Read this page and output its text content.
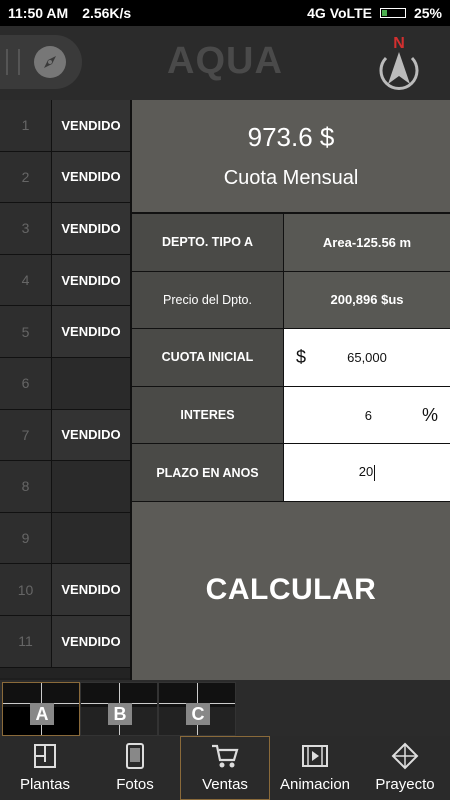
11:50 AM 2.56K/s	4G VoLTE	25%
AQUA	N
1	VENDIDO
2	VENDIDO
3	VENDIDO
4	VENDIDO
5	VENDIDO
6
7	VENDIDO
8
9
10	VENDIDO
11	VENDIDO
973.6 $
Cuota Mensual
DEPTO. TIPO A	Area-125.56 m
Precio del Dpto.	200,896 $us
CUOTA INICIAL	$	65,000
INTERES	6	%
PLAZO EN ANOS	20
CALCULAR
A	B	C
Plantas	Fotos	Ventas Animacion Prayecto
